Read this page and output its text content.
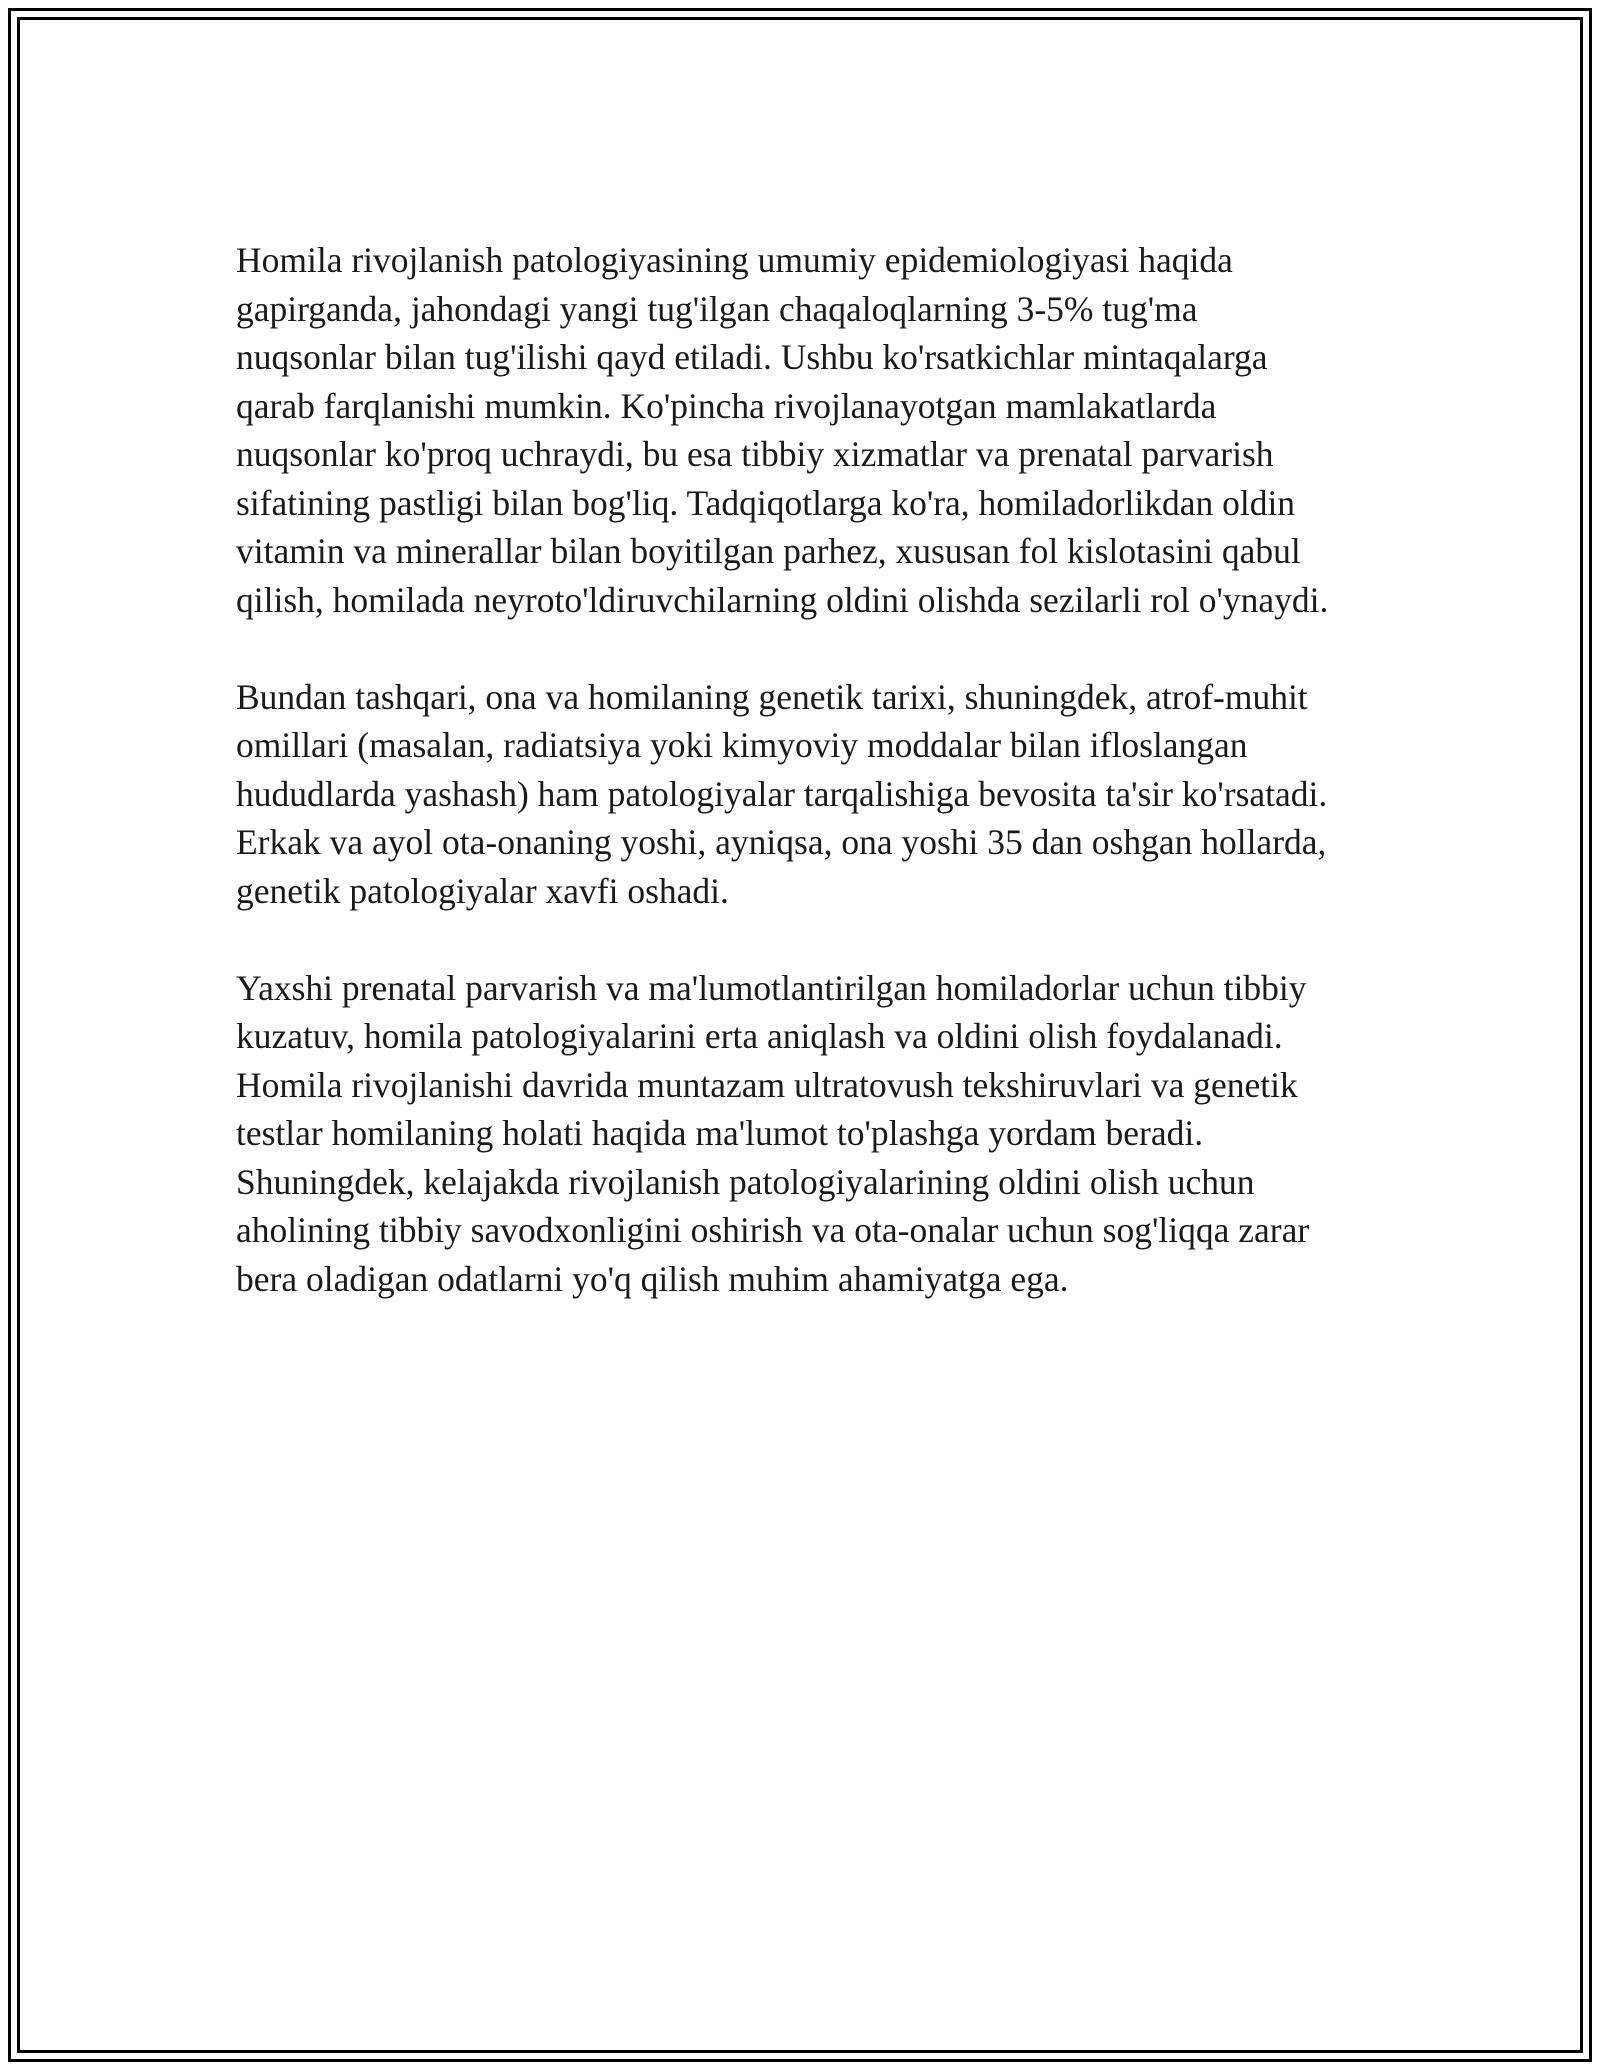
Homila rivojlanish patologiyasining umumiy epidemiologiyasi haqida
gapirganda, jahondagi yangi tug'ilgan chaqaloqlarning 3-5% tug'ma
nuqsonlar bilan tug'ilishi qayd etiladi. Ushbu ko'rsatkichlar mintaqalarga
qarab farqlanishi mumkin. Ko'pincha rivojlanayotgan mamlakatlarda
nuqsonlar ko'proq uchraydi, bu esa tibbiy xizmatlar va prenatal parvarish
sifatining pastligi bilan bog'liq. Tadqiqotlarga ko'ra, homiladorlikdan oldin
vitamin va minerallar bilan boyitilgan parhez, xususan fol kislotasini qabul
qilish, homilada neyroto'ldiruvchilarning oldini olishda sezilarli rol o'ynaydi.

Bundan tashqari, ona va homilaning genetik tarixi, shuningdek, atrof-muhit
omillari (masalan, radiatsiya yoki kimyoviy moddalar bilan ifloslangan
hududlarda yashash) ham patologiyalar tarqalishiga bevosita ta'sir ko'rsatadi.
Erkak va ayol ota-onaning yoshi, ayniqsa, ona yoshi 35 dan oshgan hollarda,
genetik patologiyalar xavfi oshadi.

Yaxshi prenatal parvarish va ma'lumotlantirilgan homiladorlar uchun tibbiy
kuzatuv, homila patologiyalarini erta aniqlash va oldini olish foydalanadi.
Homila rivojlanishi davrida muntazam ultratovush tekshiruvlari va genetik
testlar homilaning holati haqida ma'lumot to'plashga yordam beradi.
Shuningdek, kelajakda rivojlanish patologiyalarining oldini olish uchun
aholining tibbiy savodxonligini oshirish va ota-onalar uchun sog'liqqa zarar
bera oladigan odatlarni yo'q qilish muhim ahamiyatga ega.
